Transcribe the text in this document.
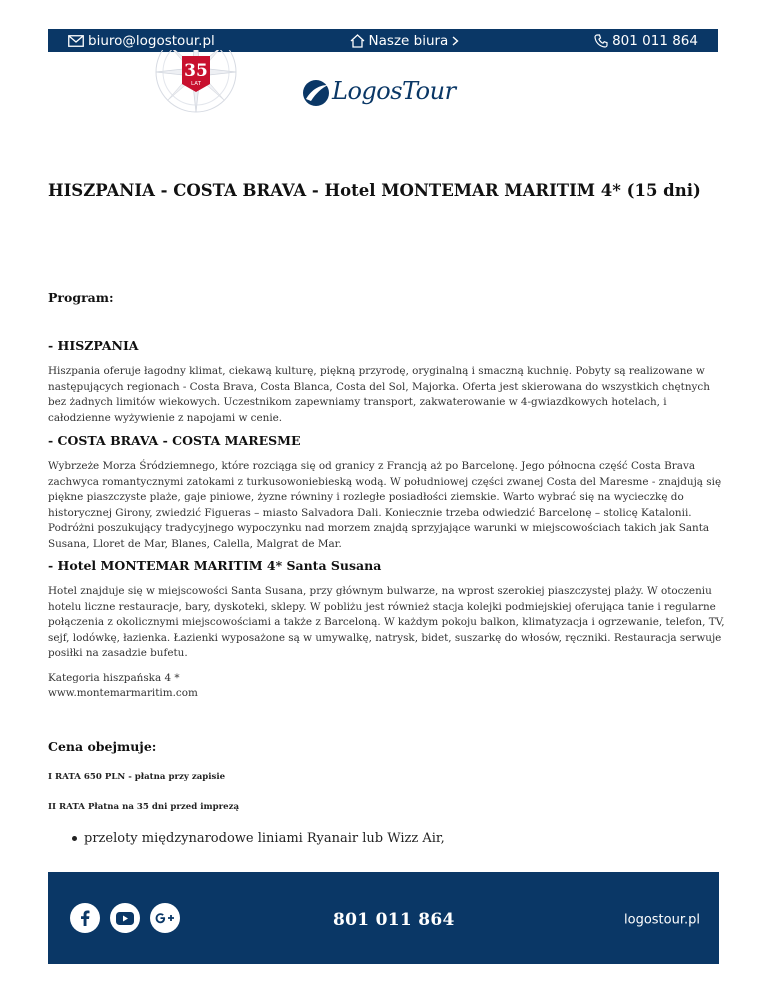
biuro@logostour.pl	Nasze biura	801 011 864
35
LAT	LogosTour
HISZPANIA - COSTA BRAVA - Hotel MONTEMAR MARITIM 4* (15 dni)
Program:
- HISZPANIA

Hiszpania oferuje łagodny klimat, ciekawą kulturę, piękną przyrodę, oryginalną i smaczną kuchnię. Pobyty są realizowane w następujących regionach - Costa Brava, Costa Blanca, Costa del Sol, Majorka. Oferta jest skierowana do wszystkich chętnych bez żadnych limitów wiekowych. Uczestnikom zapewniamy transport, zakwaterowanie w 4-gwiazdkowych hotelach, i całodzienne wyżywienie z napojami w cenie.

- COSTA BRAVA - COSTA MARESME

Wybrzeże Morza Śródziemnego, które rozciąga się od granicy z Francją aż po Barcelonę. Jego północna część Costa Brava zachwyca romantycznymi zatokami z turkusowoniebieską wodą. W południowej części zwanej Costa del Maresme - znajdują się piękne piaszczyste plaże, gaje piniowe, żyzne równiny i rozległe posiadłości ziemskie. Warto wybrać się na wycieczkę do historycznej Girony, zwiedzić Figueras – miasto Salvadora Dali. Koniecznie trzeba odwiedzić Barcelonę – stolicę Katalonii. Podróżni poszukujący tradycyjnego wypoczynku nad morzem znajdą sprzyjające warunki w miejscowościach takich jak Santa Susana, Lloret de Mar, Blanes, Calella, Malgrat de Mar.

- Hotel MONTEMAR MARITIM 4* Santa Susana

Hotel znajduje się w miejscowości Santa Susana, przy głównym bulwarze, na wprost szerokiej piaszczystej plaży. W otoczeniu hotelu liczne restauracje, bary, dyskoteki, sklepy. W pobliżu jest również stacja kolejki podmiejskiej oferująca tanie i regularne połączenia z okolicznymi miejscowościami a także z Barceloną. W każdym pokoju balkon, klimatyzacja i ogrzewanie, telefon, TV, sejf, lodówkę, łazienka. Łazienki wyposażone są w umywalkę, natrysk, bidet, suszarkę do włosów, ręczniki. Restauracja serwuje posiłki na zasadzie bufetu.

Kategoria hiszpańska 4 *

www.montemarmaritim.com

Cena obejmuje:

I RATA 650 PLN - płatna przy zapisie

II RATA Płatna na 35 dni przed imprezą

przeloty międzynarodowe liniami Ryanair lub Wizz Air,
801 011 864	logostour.pl
